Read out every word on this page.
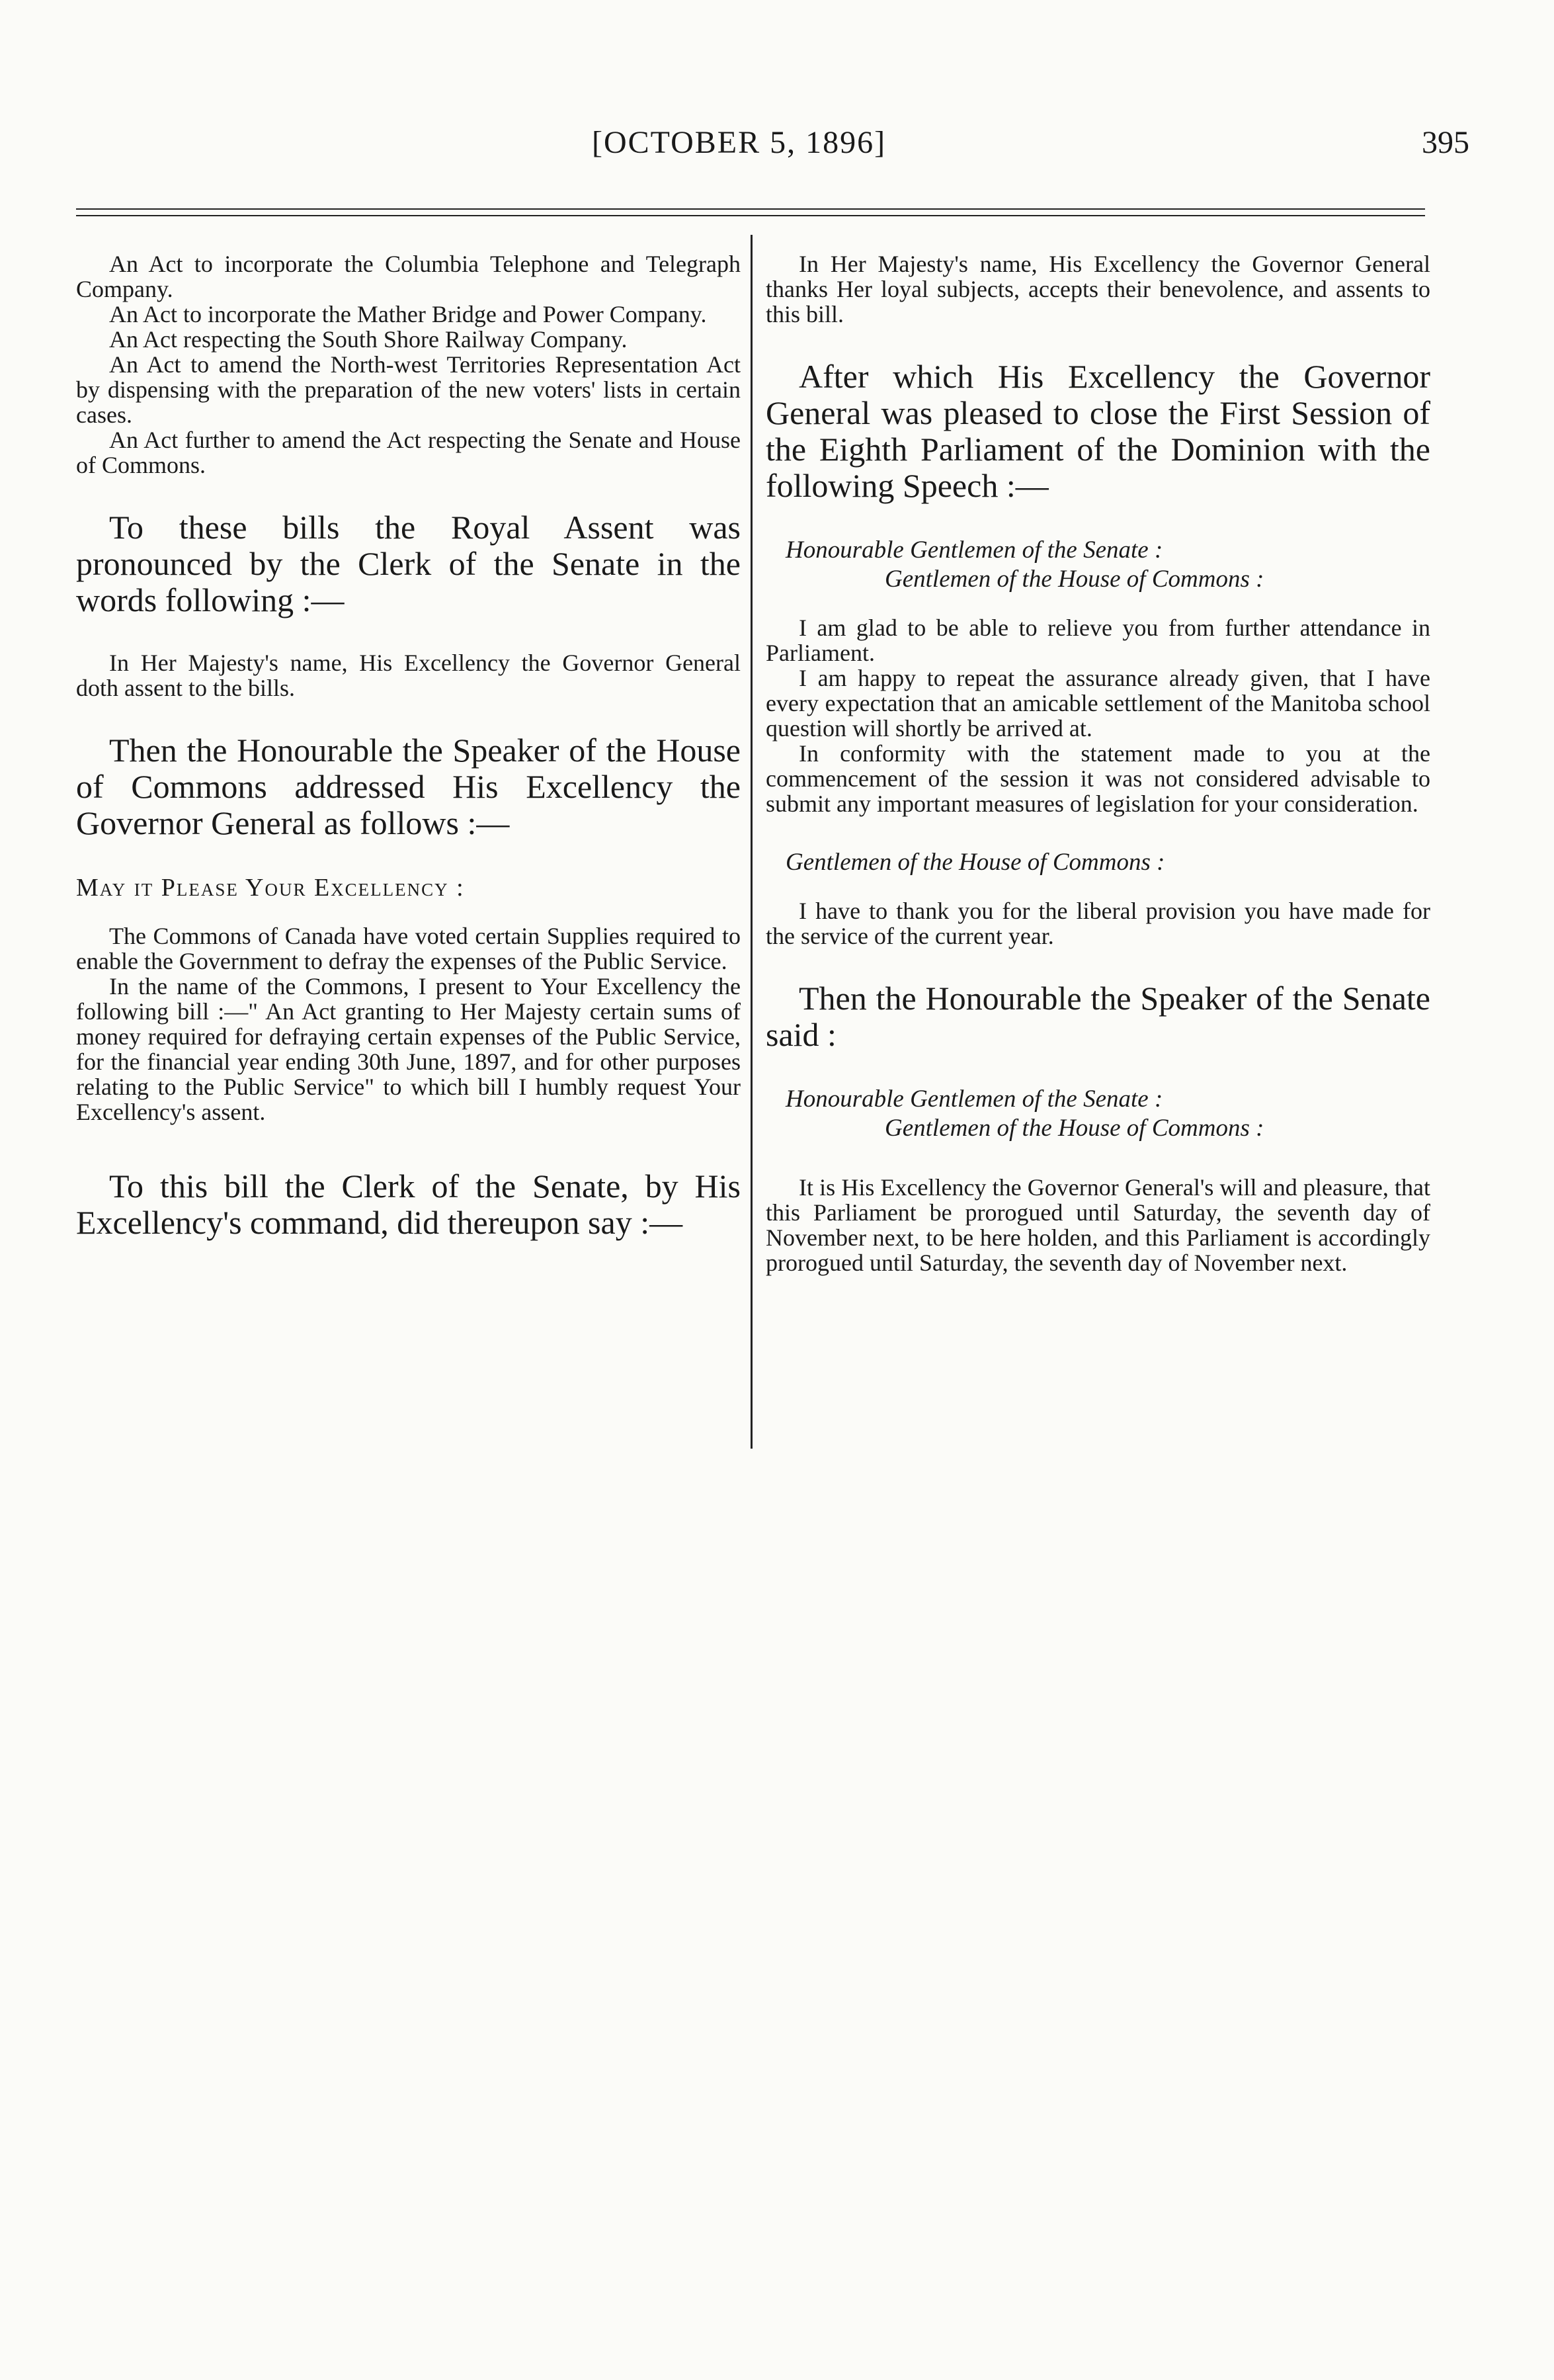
[OCTOBER 5, 1896]	395

An Act to incorporate the Columbia Telephone and Telegraph Company.

An Act to incorporate the Mather Bridge and Power Company.

An Act respecting the South Shore Railway Company.

An Act to amend the North-west Territories Representation Act by dispensing with the preparation of the new voters' lists in certain cases.

An Act further to amend the Act respecting the Senate and House of Commons.

To these bills the Royal Assent was pronounced by the Clerk of the Senate in the words following :—

In Her Majesty's name, His Excellency the Governor General doth assent to the bills.

Then the Honourable the Speaker of the House of Commons addressed His Excellency the Governor General as follows :—

May it Please Your Excellency :

The Commons of Canada have voted certain Supplies required to enable the Government to defray the expenses of the Public Service.

In the name of the Commons, I present to Your Excellency the following bill :—" An Act granting to Her Majesty certain sums of money required for defraying certain expenses of the Public Service, for the financial year ending 30th June, 1897, and for other purposes relating to the Public Service" to which bill I humbly request Your Excellency's assent.

To this bill the Clerk of the Senate, by His Excellency's command, did thereupon say :—

In Her Majesty's name, His Excellency the Governor General thanks Her loyal subjects, accepts their benevolence, and assents to this bill.

After which His Excellency the Governor General was pleased to close the First Session of the Eighth Parliament of the Dominion with the following Speech :—

Honourable Gentlemen of the Senate :

Gentlemen of the House of Commons :

I am glad to be able to relieve you from further attendance in Parliament.

I am happy to repeat the assurance already given, that I have every expectation that an amicable settlement of the Manitoba school question will shortly be arrived at.

In conformity with the statement made to you at the commencement of the session it was not considered advisable to submit any important measures of legislation for your consideration.

Gentlemen of the House of Commons :

I have to thank you for the liberal provision you have made for the service of the current year.

Then the Honourable the Speaker of the Senate said :

Honourable Gentlemen of the Senate :

Gentlemen of the House of Commons :

It is His Excellency the Governor General's will and pleasure, that this Parliament be prorogued until Saturday, the seventh day of November next, to be here holden, and this Parliament is accordingly prorogued until Saturday, the seventh day of November next.
